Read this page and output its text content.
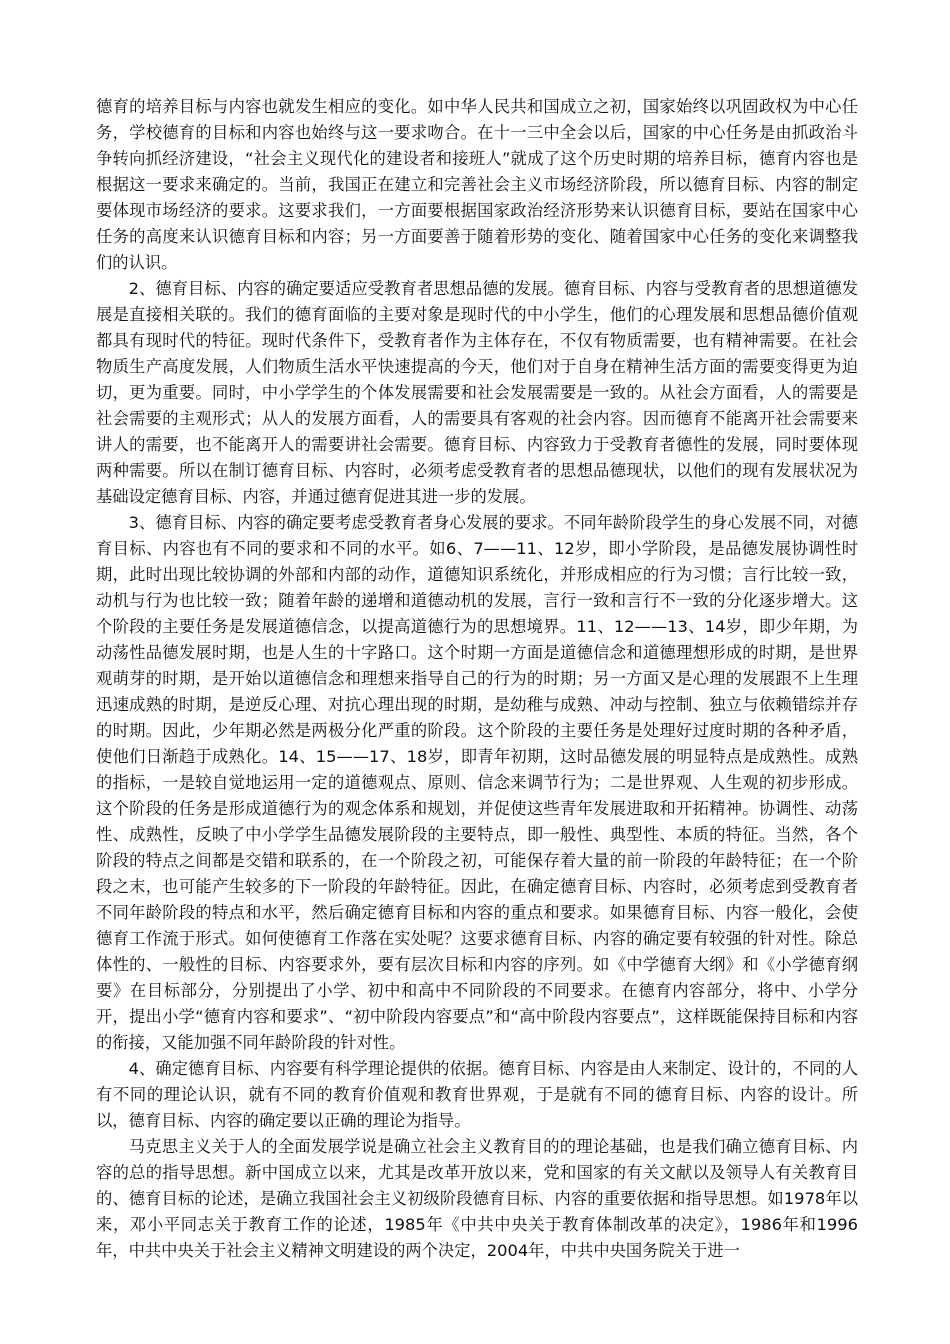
德育的培养目标与内容也就发生相应的变化。如中华人民共和国成立之初，国家始终以巩固政权为中心任务，学校德育的目标和内容也始终与这一要求吻合。在十一三中全会以后，国家的中心任务是由抓政治斗争转向抓经济建设，“社会主义现代化的建设者和接班人”就成了这个历史时期的培养目标，德育内容也是根据这一要求来确定的。当前，我国正在建立和完善社会主义市场经济阶段，所以德育目标、内容的制定要体现市场经济的要求。这要求我们，一方面要根据国家政治经济形势来认识德育目标，要站在国家中心任务的高度来认识德育目标和内容；另一方面要善于随着形势的变化、随着国家中心任务的变化来调整我们的认识。

2、德育目标、内容的确定要适应受教育者思想品德的发展。德育目标、内容与受教育者的思想道德发展是直接相关联的。我们的德育面临的主要对象是现时代的中小学生，他们的心理发展和思想品德价值观都具有现时代的特征。现时代条件下，受教育者作为主体存在，不仅有物质需要，也有精神需要。在社会物质生产高度发展，人们物质生活水平快速提高的今天，他们对于自身在精神生活方面的需要变得更为迫切，更为重要。同时，中小学学生的个体发展需要和社会发展需要是一致的。从社会方面看，人的需要是社会需要的主观形式；从人的发展方面看，人的需要具有客观的社会内容。因而德育不能离开社会需要来讲人的需要，也不能离开人的需要讲社会需要。德育目标、内容致力于受教育者德性的发展，同时要体现两种需要。所以在制订德育目标、内容时，必须考虑受教育者的思想品德现状，以他们的现有发展状况为基础设定德育目标、内容，并通过德育促进其进一步的发展。

3、德育目标、内容的确定要考虑受教育者身心发展的要求。不同年龄阶段学生的身心发展不同，对德育目标、内容也有不同的要求和不同的水平。如6、7——11、12岁，即小学阶段，是品德发展协调性时期，此时出现比较协调的外部和内部的动作，道德知识系统化，并形成相应的行为习惯；言行比较一致，动机与行为也比较一致；随着年龄的递增和道德动机的发展，言行一致和言行不一致的分化逐步增大。这个阶段的主要任务是发展道德信念，以提高道德行为的思想境界。11、12——13、14岁，即少年期，为动荡性品德发展时期，也是人生的十字路口。这个时期一方面是道德信念和道德理想形成的时期，是世界观萌芽的时期，是开始以道德信念和理想来指导自己的行为的时期；另一方面又是心理的发展跟不上生理迅速成熟的时期，是逆反心理、对抗心理出现的时期，是幼稚与成熟、冲动与控制、独立与依赖错综并存的时期。因此，少年期必然是两极分化严重的阶段。这个阶段的主要任务是处理好过度时期的各种矛盾，使他们日渐趋于成熟化。14、15——17、18岁，即青年初期，这时品德发展的明显特点是成熟性。成熟的指标，一是较自觉地运用一定的道德观点、原则、信念来调节行为；二是世界观、人生观的初步形成。这个阶段的任务是形成道德行为的观念体系和规划，并促使这些青年发展进取和开拓精神。协调性、动荡性、成熟性，反映了中小学学生品德发展阶段的主要特点，即一般性、典型性、本质的特征。当然，各个阶段的特点之间都是交错和联系的，在一个阶段之初，可能保存着大量的前一阶段的年龄特征；在一个阶段之末，也可能产生较多的下一阶段的年龄特征。因此，在确定德育目标、内容时，必须考虑到受教育者不同年龄阶段的特点和水平，然后确定德育目标和内容的重点和要求。如果德育目标、内容一般化，会使德育工作流于形式。如何使德育工作落在实处呢？这要求德育目标、内容的确定要有较强的针对性。除总体性的、一般性的目标、内容要求外，要有层次目标和内容的序列。如《中学德育大纲》和《小学德育纲要》在目标部分，分别提出了小学、初中和高中不同阶段的不同要求。在德育内容部分，将中、小学分开，提出小学“德育内容和要求”、“初中阶段内容要点”和“高中阶段内容要点”，这样既能保持目标和内容的衔接，又能加强不同年龄阶段的针对性。

4、确定德育目标、内容要有科学理论提供的依据。德育目标、内容是由人来制定、设计的，不同的人有不同的理论认识，就有不同的教育价值观和教育世界观，于是就有不同的德育目标、内容的设计。所以，德育目标、内容的确定要以正确的理论为指导。

马克思主义关于人的全面发展学说是确立社会主义教育目的的理论基础，也是我们确立德育目标、内容的总的指导思想。新中国成立以来，尤其是改革开放以来，党和国家的有关文献以及领导人有关教育目的、德育目标的论述，是确立我国社会主义初级阶段德育目标、内容的重要依据和指导思想。如1978年以来，邓小平同志关于教育工作的论述，1985年《中共中央关于教育体制改革的决定》，1986年和1996年，中共中央关于社会主义精神文明建设的两个决定，2004年，中共中央国务院关于进一
